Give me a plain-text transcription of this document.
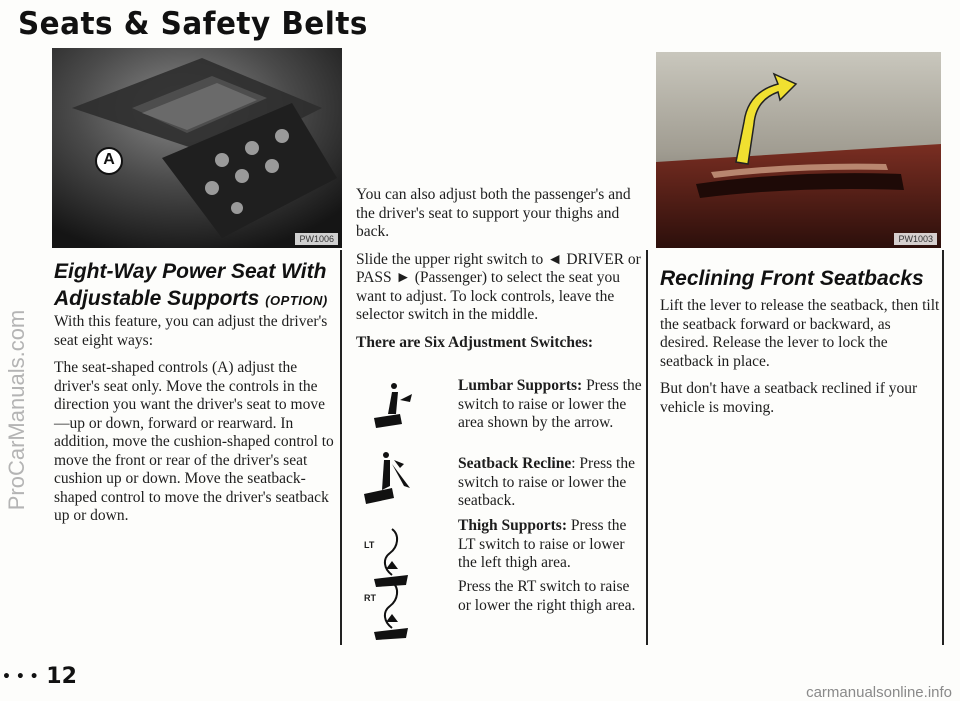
Seats & Safety Belts
ProCarManuals.com
A
PW1006
Eight-Way Power Seat With Adjustable Supports (OPTION)

With this feature, you can adjust the driver's seat eight ways:

The seat-shaped controls (A) adjust the driver's seat only. Move the controls in the direction you want the driver's seat to move—up or down, forward or rearward. In addition, move the cushion-shaped control to move the front or rear of the driver's seat cushion up or down. Move the seatback-shaped control to move the driver's seatback up or down.

You can also adjust both the passenger's and the driver's seat to support your thighs and back.

Slide the upper right switch to ◄ DRIVER or PASS ► (Passenger) to select the seat you want to adjust. To lock controls, leave the selector switch in the middle.

There are Six Adjustment Switches:

Lumbar Supports: Press the switch to raise or lower the area shown by the arrow.
Seatback Recline: Press the switch to raise or lower the seatback.
LT
Thigh Supports: Press the LT switch to raise or lower the left thigh area.
RT
Press the RT switch to raise or lower the right thigh area.
PW1003
Reclining Front Seatbacks

Lift the lever to release the seatback, then tilt the seatback forward or backward, as desired. Release the lever to lock the seatback in place.

But don't have a seatback reclined if your vehicle is moving.

• • • 12
carmanualsonline.info
